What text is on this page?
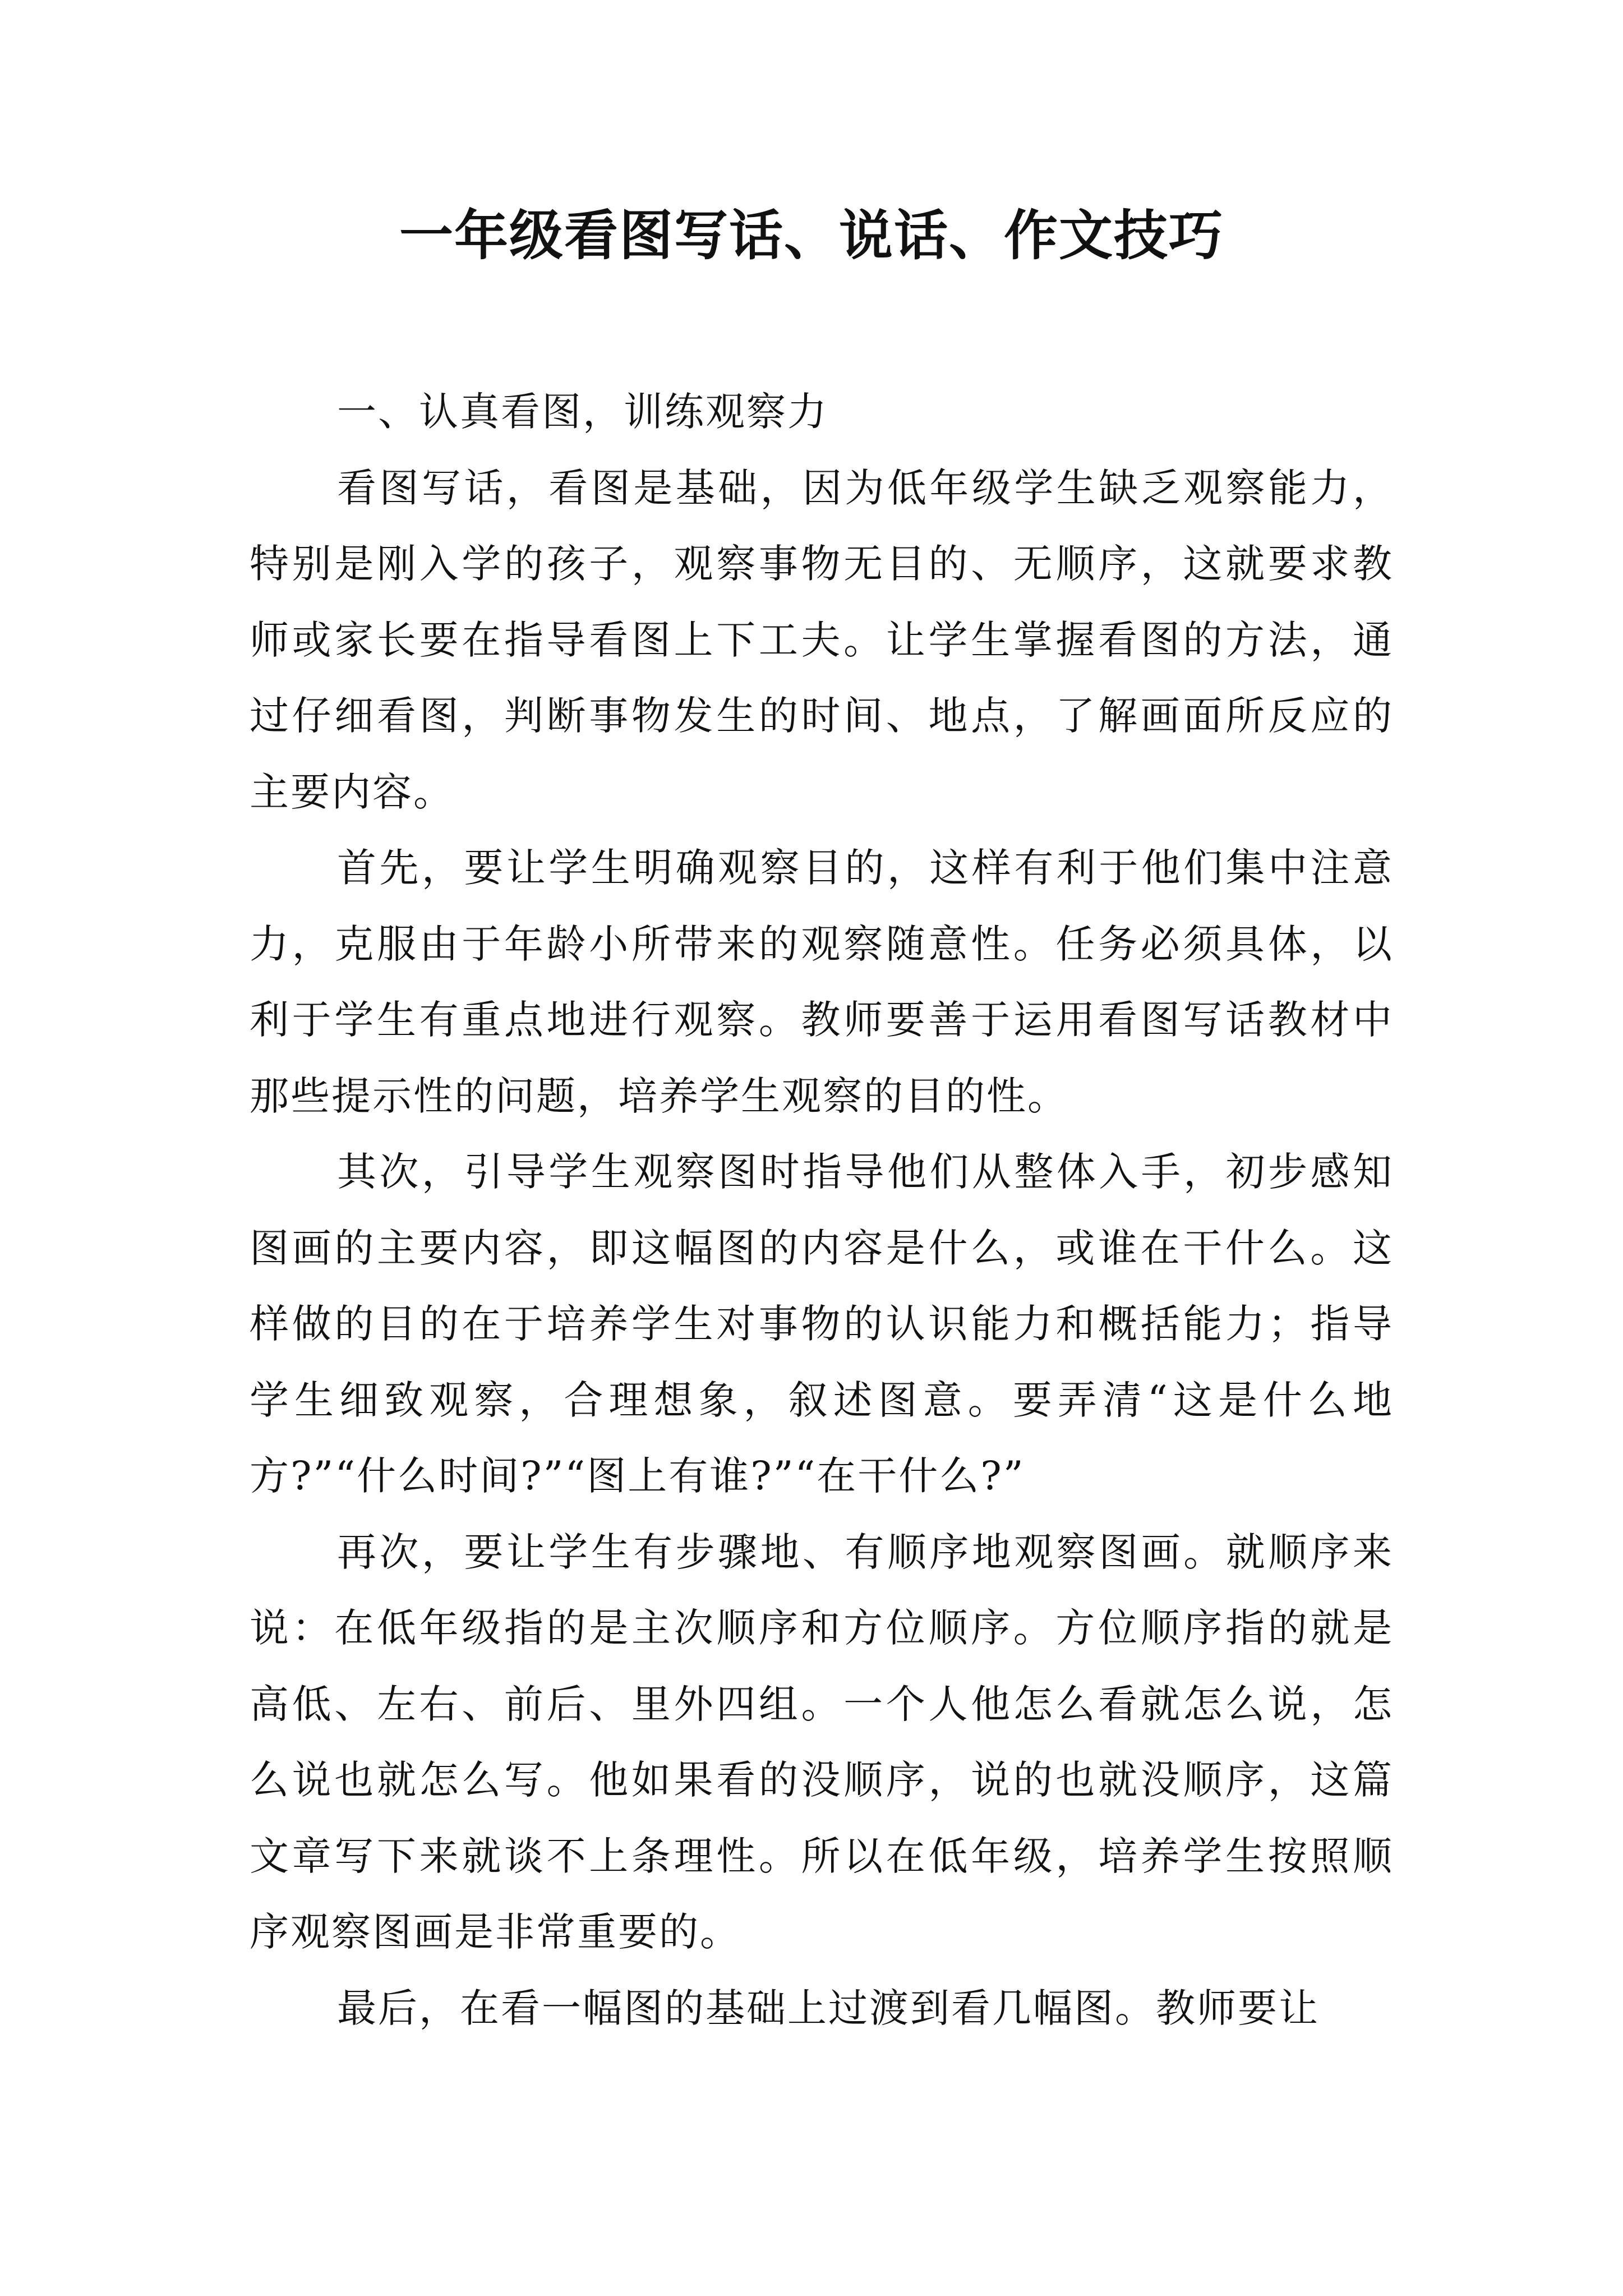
一年级看图写话、说话、作文技巧

一、认真看图，训练观察力

看图写话，看图是基础，因为低年级学生缺乏观察能力，特别是刚入学的孩子，观察事物无目的、无顺序，这就要求教师或家长要在指导看图上下工夫。让学生掌握看图的方法，通过仔细看图，判断事物发生的时间、地点，了解画面所反应的主要内容。

首先，要让学生明确观察目的，这样有利于他们集中注意力，克服由于年龄小所带来的观察随意性。任务必须具体，以利于学生有重点地进行观察。教师要善于运用看图写话教材中那些提示性的问题，培养学生观察的目的性。

其次，引导学生观察图时指导他们从整体入手，初步感知图画的主要内容，即这幅图的内容是什么，或谁在干什么。这样做的目的在于培养学生对事物的认识能力和概括能力；指导学生细致观察，合理想象，叙述图意。要弄清“这是什么地方?”“什么时间?”“图上有谁?”“在干什么?”

再次，要让学生有步骤地、有顺序地观察图画。就顺序来说：在低年级指的是主次顺序和方位顺序。方位顺序指的就是高低、左右、前后、里外四组。一个人他怎么看就怎么说，怎么说也就怎么写。他如果看的没顺序，说的也就没顺序，这篇文章写下来就谈不上条理性。所以在低年级，培养学生按照顺序观察图画是非常重要的。

最后，在看一幅图的基础上过渡到看几幅图。教师要让
